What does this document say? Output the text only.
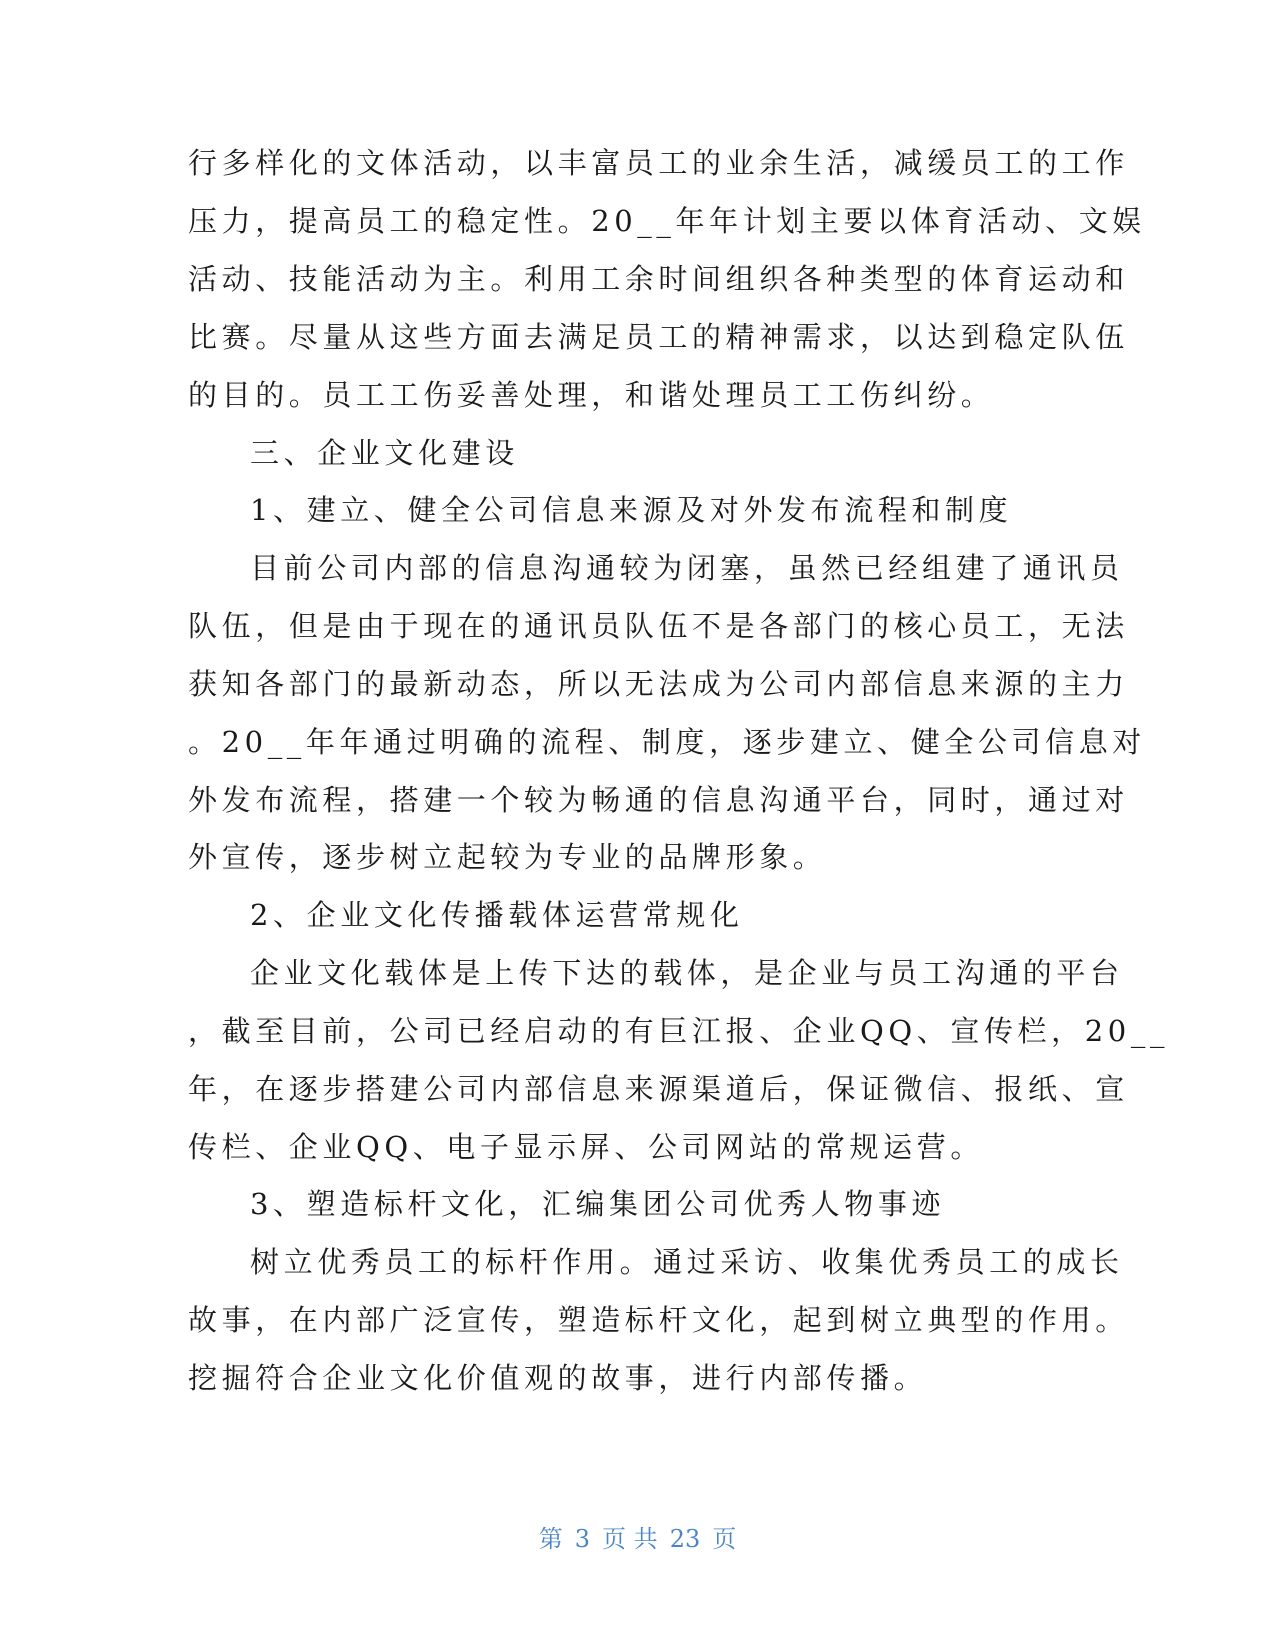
行多样化的文体活动，以丰富员工的业余生活，减缓员工的工作
压力，提高员工的稳定性。20__年年计划主要以体育活动、文娱
活动、技能活动为主。利用工余时间组织各种类型的体育运动和
比赛。尽量从这些方面去满足员工的精神需求，以达到稳定队伍
的目的。员工工伤妥善处理，和谐处理员工工伤纠纷。
三、企业文化建设
1、建立、健全公司信息来源及对外发布流程和制度
目前公司内部的信息沟通较为闭塞，虽然已经组建了通讯员
队伍，但是由于现在的通讯员队伍不是各部门的核心员工，无法
获知各部门的最新动态，所以无法成为公司内部信息来源的主力
。20__年年通过明确的流程、制度，逐步建立、健全公司信息对
外发布流程，搭建一个较为畅通的信息沟通平台，同时，通过对
外宣传，逐步树立起较为专业的品牌形象。
2、企业文化传播载体运营常规化
企业文化载体是上传下达的载体，是企业与员工沟通的平台
，截至目前，公司已经启动的有巨江报、企业QQ、宣传栏，20__
年，在逐步搭建公司内部信息来源渠道后，保证微信、报纸、宣
传栏、企业QQ、电子显示屏、公司网站的常规运营。
3、塑造标杆文化，汇编集团公司优秀人物事迹
树立优秀员工的标杆作用。通过采访、收集优秀员工的成长
故事，在内部广泛宣传，塑造标杆文化，起到树立典型的作用。
挖掘符合企业文化价值观的故事，进行内部传播。
第 3 页 共 23 页
